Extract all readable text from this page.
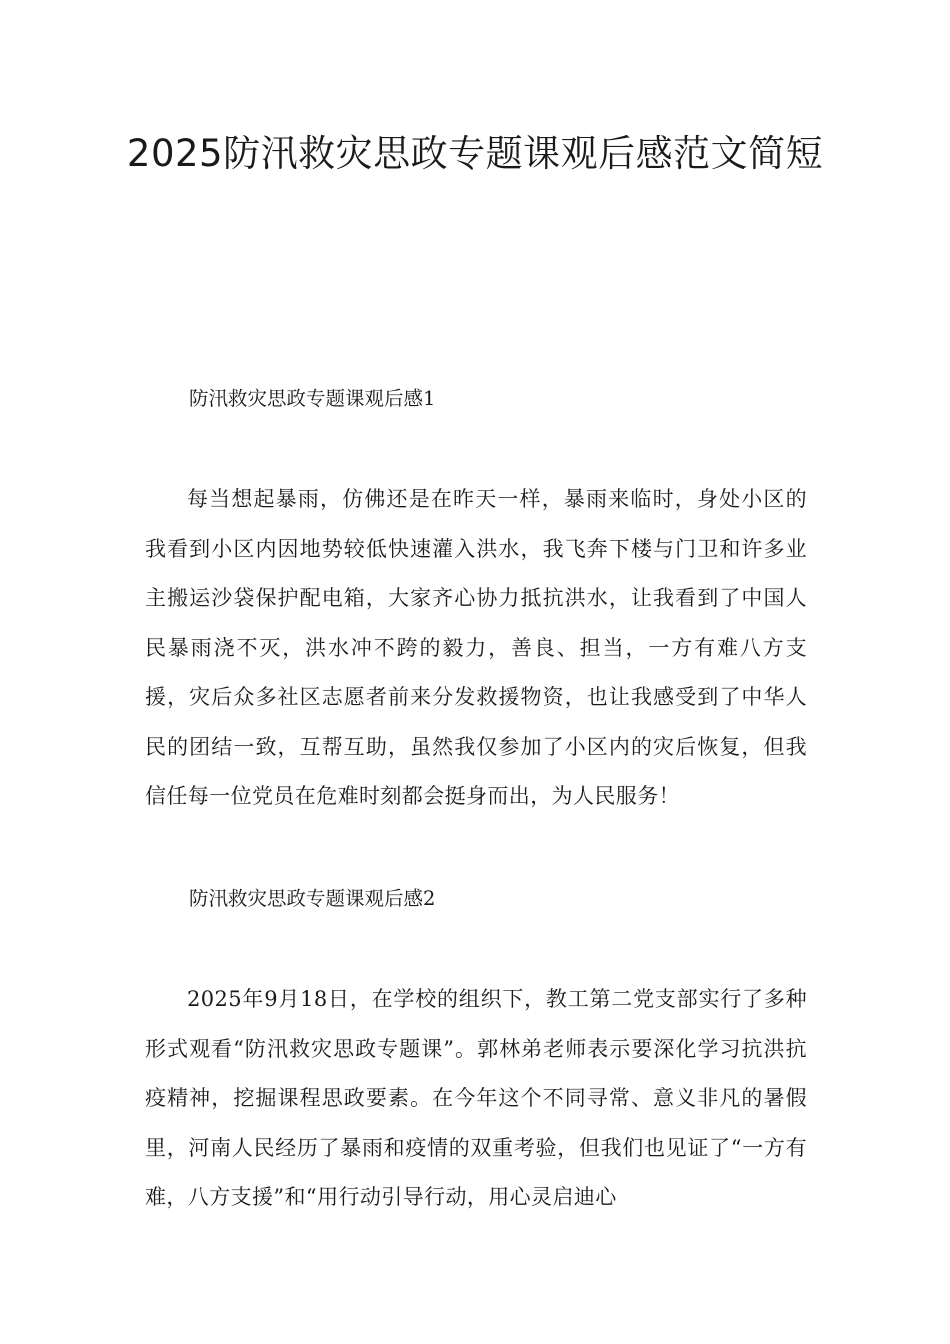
2025防汛救灾思政专题课观后感范文简短

防汛救灾思政专题课观后感1

每当想起暴雨，仿佛还是在昨天一样，暴雨来临时，身处小区的我看到小区内因地势较低快速灌入洪水，我飞奔下楼与门卫和许多业主搬运沙袋保护配电箱，大家齐心协力抵抗洪水，让我看到了中国人民暴雨浇不灭，洪水冲不跨的毅力，善良、担当，一方有难八方支援，灾后众多社区志愿者前来分发救援物资，也让我感受到了中华人民的团结一致，互帮互助，虽然我仅参加了小区内的灾后恢复，但我信任每一位党员在危难时刻都会挺身而出，为人民服务！

防汛救灾思政专题课观后感2

2025年9月18日，在学校的组织下，教工第二党支部实行了多种形式观看“防汛救灾思政专题课”。郭林弟老师表示要深化学习抗洪抗疫精神，挖掘课程思政要素。在今年这个不同寻常、意义非凡的暑假里，河南人民经历了暴雨和疫情的双重考验，但我们也见证了“一方有难，八方支援”和“用行动引导行动，用心灵启迪心
